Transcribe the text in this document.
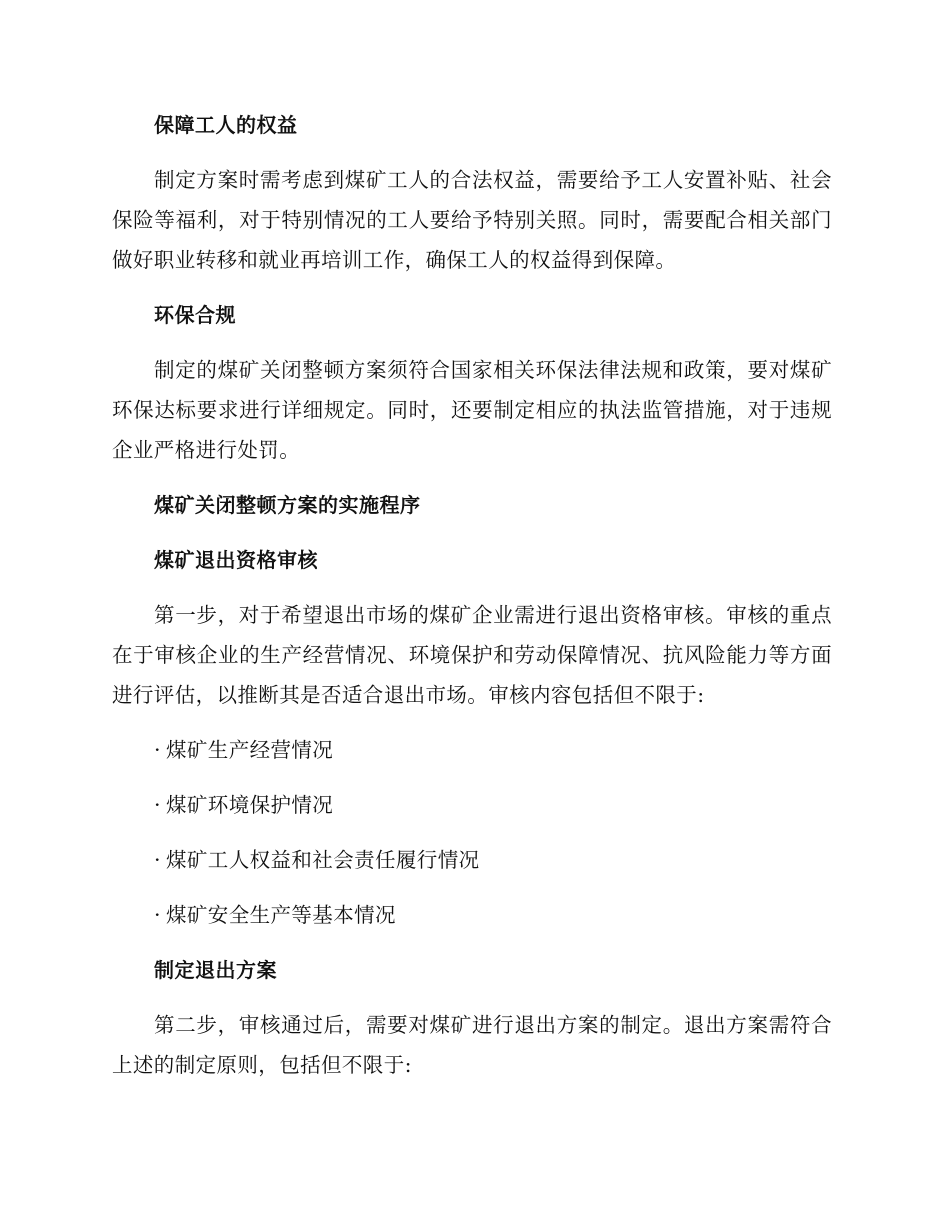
保障工人的权益

制定方案时需考虑到煤矿工人的合法权益，需要给予工人安置补贴、社会保险等福利，对于特别情况的工人要给予特别关照。同时，需要配合相关部门做好职业转移和就业再培训工作，确保工人的权益得到保障。

环保合规

制定的煤矿关闭整顿方案须符合国家相关环保法律法规和政策，要对煤矿环保达标要求进行详细规定。同时，还要制定相应的执法监管措施，对于违规企业严格进行处罚。

煤矿关闭整顿方案的实施程序
煤矿退出资格审核

第一步，对于希望退出市场的煤矿企业需进行退出资格审核。审核的重点在于审核企业的生产经营情况、环境保护和劳动保障情况、抗风险能力等方面进行评估，以推断其是否适合退出市场。审核内容包括但不限于:

· 煤矿生产经营情况
· 煤矿环境保护情况
· 煤矿工人权益和社会责任履行情况
· 煤矿安全生产等基本情况
制定退出方案

第二步，审核通过后，需要对煤矿进行退出方案的制定。退出方案需符合上述的制定原则，包括但不限于:
